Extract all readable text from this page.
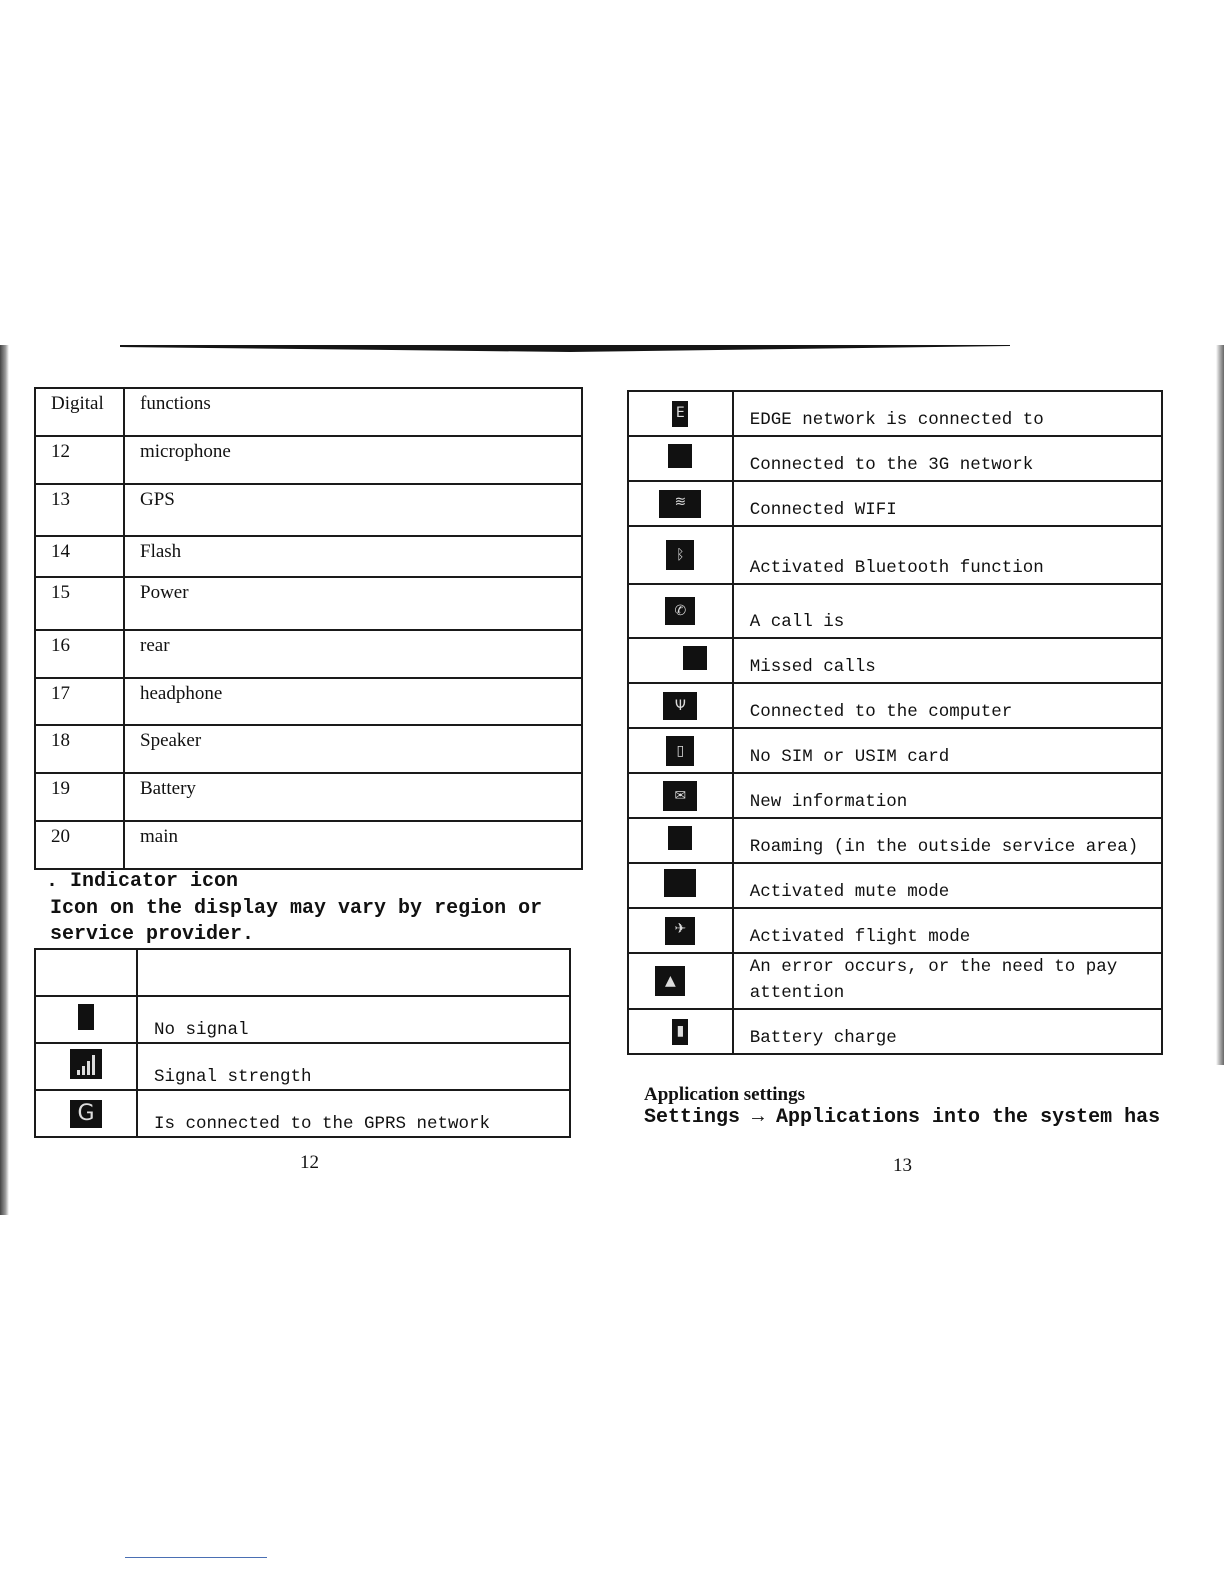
Digital	functions
12	microphone
13	GPS
14	Flash
15	Power
16	rear
17	headphone
18	Speaker
19	Battery
20	main
. Indicator icon
Icon on the display may vary by region or service provider.

	No signal
	Signal strength
G	Is connected to the GPRS network
12
E	EDGE network is connected to
	Connected to the 3G network
≋	Connected WIFI
ᛒ	Activated Bluetooth function
✆	A call is
	Missed calls
Ψ	Connected to the computer
▯	No SIM or USIM card
✉	New information
	Roaming (in the outside service area)
	Activated mute mode
✈	Activated flight mode
▲	An error occurs, or the need to pay attention
▮	Battery charge
Application settings
Settings → Applications into the system has
13
